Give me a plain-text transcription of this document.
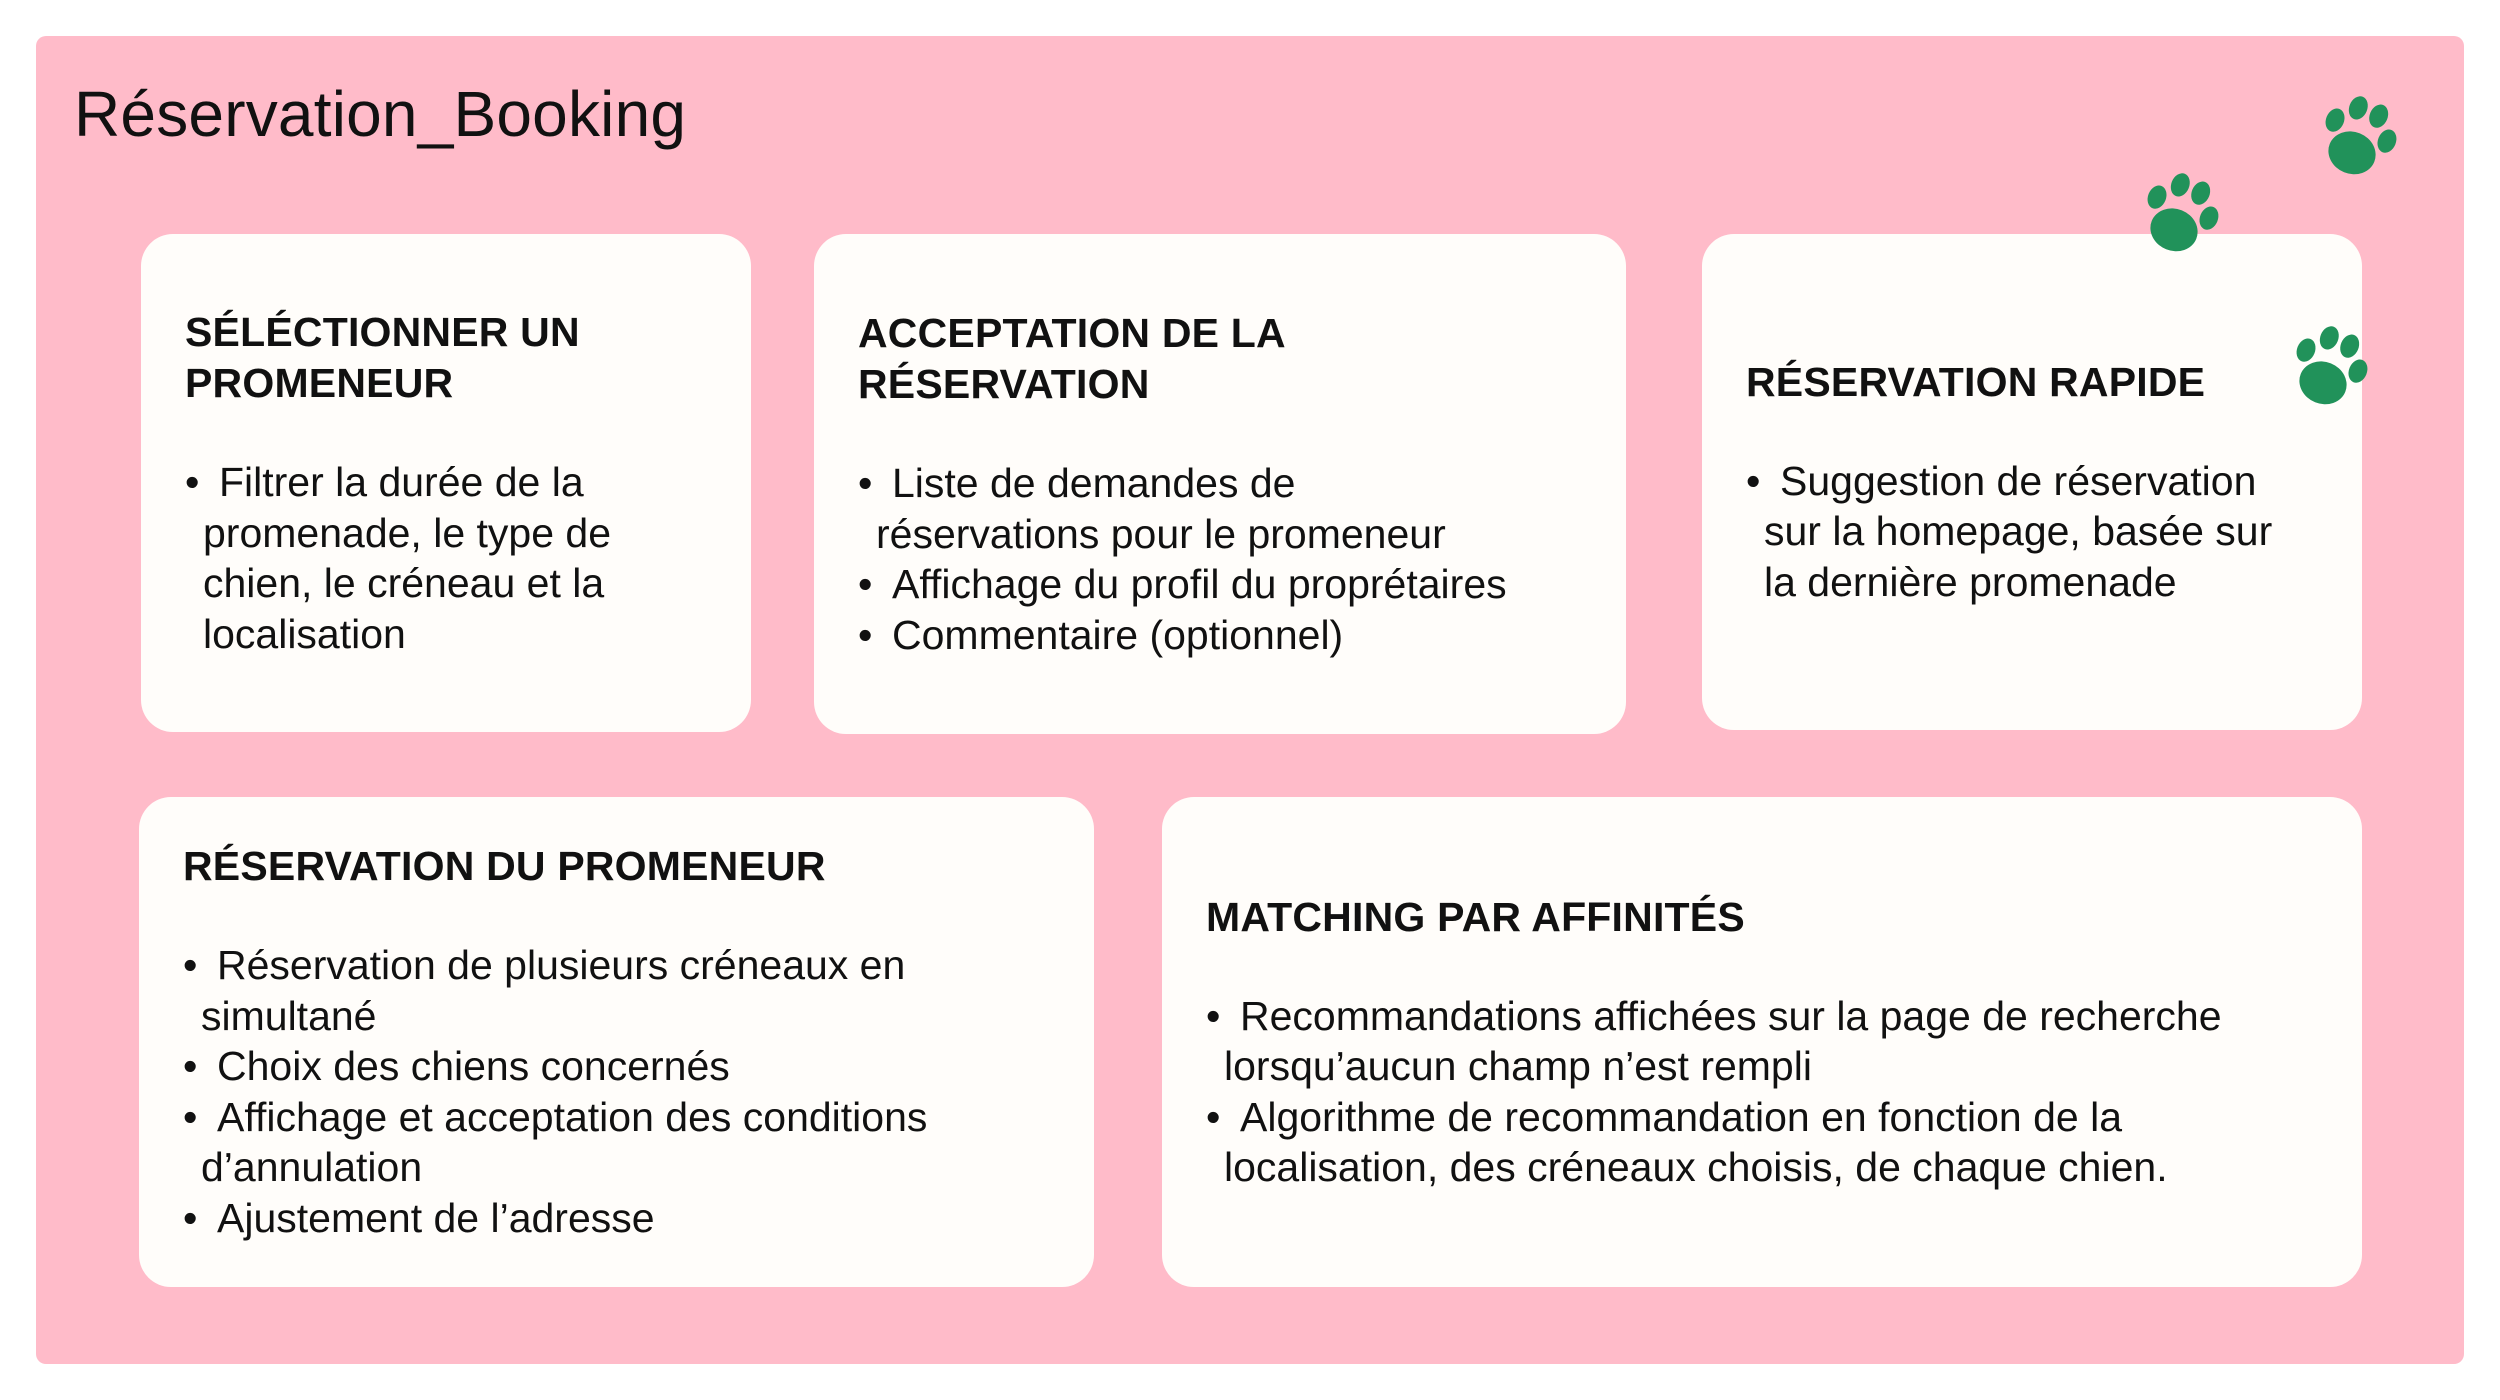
Réservation_Booking
SÉLÉCTIONNER UN
PROMENEUR
• Filtrer la durée de la
promenade, le type de
chien, le créneau et la
localisation
ACCEPTATION DE LA
RÉSERVATION
• Liste de demandes de
réservations pour le promeneur
• Affichage du profil du proprétaires
• Commentaire (optionnel)
RÉSERVATION RAPIDE
• Suggestion de réservation
sur la homepage, basée sur
la dernière promenade
RÉSERVATION DU PROMENEUR
• Réservation de plusieurs créneaux en
simultané
• Choix des chiens concernés
• Affichage et acceptation des conditions
d’annulation
• Ajustement de l’adresse
MATCHING PAR AFFINITÉS
• Recommandations affichées sur la page de recherche
lorsqu’aucun champ n’est rempli
• Algorithme de recommandation en fonction de la
localisation, des créneaux choisis, de chaque chien.
